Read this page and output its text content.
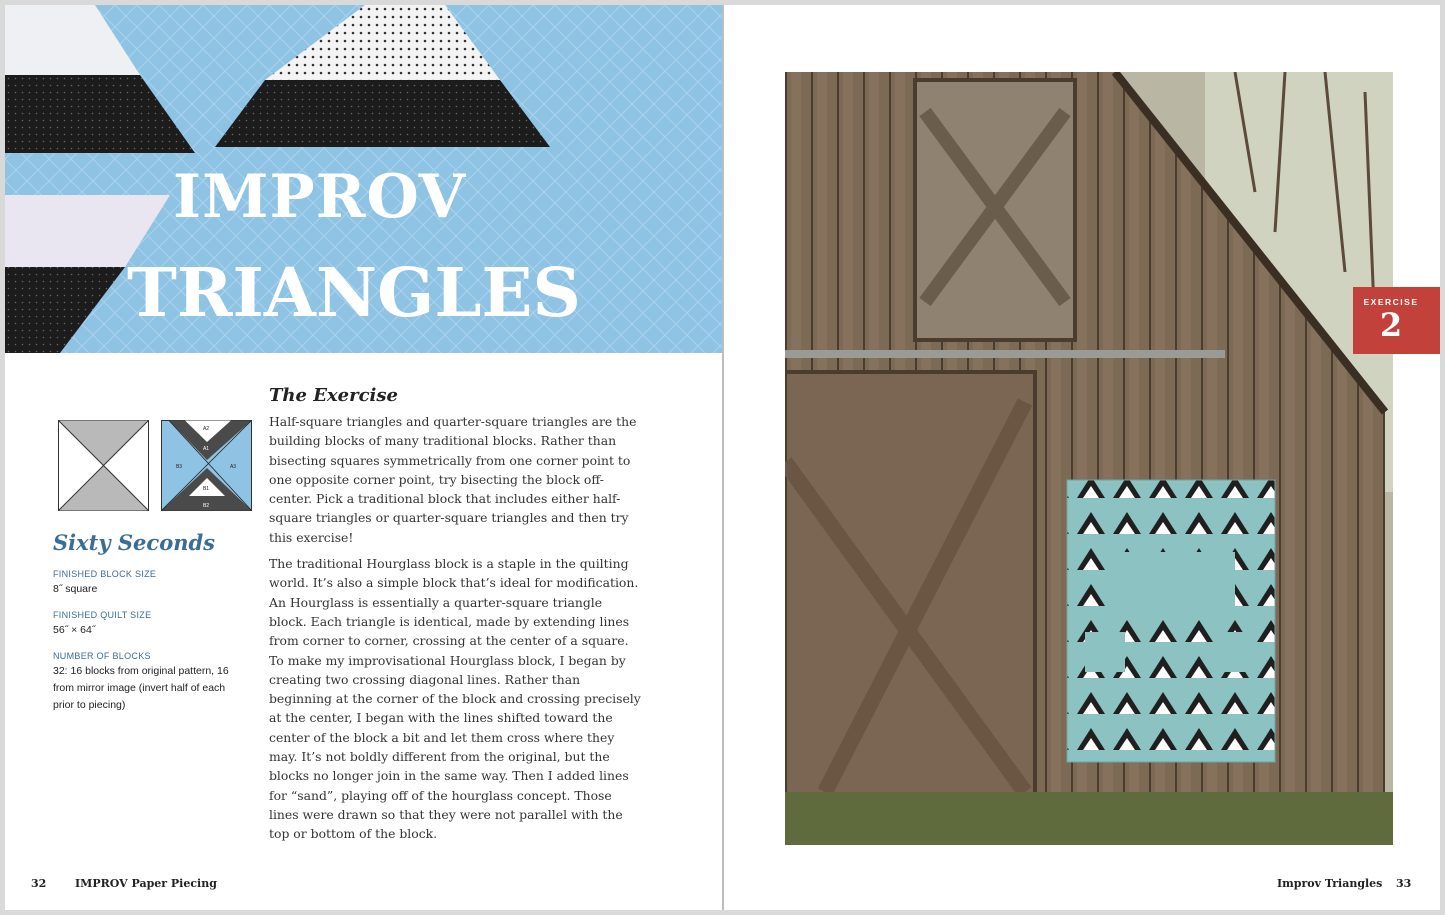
improv
triangles
A2
A1
B3	A3
B1
B2
Sixty Seconds

FINISHED BLOCK SIZE

8˝ square

FINISHED QUILT SIZE

56˝ × 64˝

NUMBER OF BLOCKS

32: 16 blocks from original pattern, 16 from mirror image (invert half of each prior to piecing)

The Exercise

Half-square triangles and quarter-square triangles are the building blocks of many traditional blocks. Rather than bisecting squares symmetrically from one corner point to one opposite corner point, try bisecting the block off-center. Pick a traditional block that includes either half-square triangles or quarter-square triangles and then try this exercise!

The traditional Hourglass block is a staple in the quilting world. It’s also a simple block that’s ideal for modification. An Hourglass is essentially a quarter-square triangle block. Each triangle is identical, made by extending lines from corner to corner, crossing at the center of a square. To make my improvisational Hourglass block, I began by creating two crossing diagonal lines. Rather than beginning at the corner of the block and crossing precisely at the center, I began with the lines shifted toward the center of the block a bit and let them cross where they may. It’s not boldly different from the original, but the blocks no longer join in the same way. Then I added lines for “sand”, playing off of the hourglass concept. Those lines were drawn so that they were not parallel with the top or bottom of the block.

32	IMPROV Paper Piecing
EXERCISE
2
Improv Triangles 33
